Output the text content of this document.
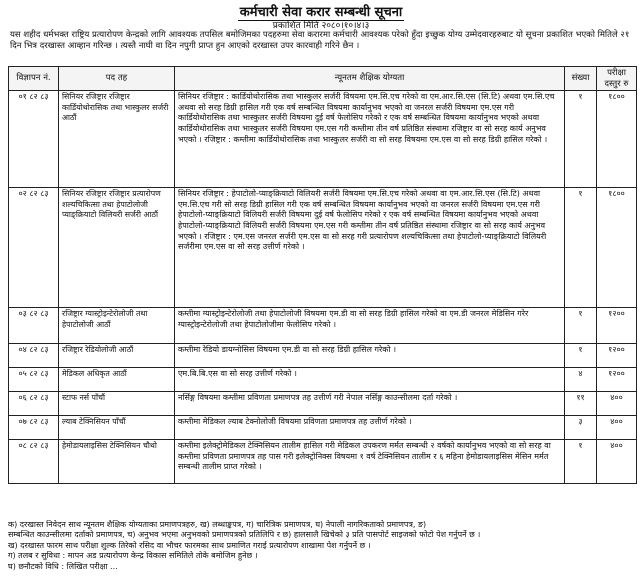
कर्मचारी सेवा करार सम्बन्धी सूचना
प्रकाशित मिति २०८०।१०।४।३
यस शहीद धर्मभक्त राष्ट्रिय प्रत्यारोपण केन्द्रको लागि आवश्यक तपसिल बमोजिमका पदहरुमा सेवा करारमा कर्मचारी आवश्यक परेको हुँदा इच्छुक योग्य उम्मेदवारहरुबाट यो सूचना प्रकाशित भएको मितिले २१ दिन भित्र दरखास्त आव्हान गरिन्छ । त्यस्तै नाघी वा दिन नपुगी प्राप्त हुन आएको दरखास्त उपर कारवाही गरिने छैन ।
विज्ञापन नं.	पद तह	न्यूनतम शैक्षिक योग्यता	संख्या	परीक्षा दस्तुर रु
०१ ८२ ८३	सिनियर रजिष्ट्रार रजिष्ट्रार कार्डियोथोरासिक तथा भास्कुलर सर्जरी आठौं	सिनियर रजिष्ट्रार : कार्डियोथोरासिक तथा भास्कुलर सर्जरी विषयमा एम.सि.एच गरेको वा एम.आर.सि.एस (सि.टि) अथवा एम.सि.एच अथवा सो सरह डिग्री हासिल गरी एक वर्ष सम्बन्धित विषयमा कार्यानुभव भएको वा जनरल सर्जरी विषयमा एम.एस गरी कार्डियोथोरासिक तथा भास्कुलर सर्जरी विषयमा दुई वर्ष फेलोसिप गरेको र एक वर्ष सम्बन्धित विषयमा कार्यानुभव भएको अथवा कार्डियोथोरासिक तथा भास्कुलर सर्जरी विषयमा एम.एस गरी कम्तीमा तीन वर्ष प्रतिष्ठित संस्थामा रजिष्ट्रार वा सो सरह कार्य अनुभव भएको । रजिष्ट्रार : कम्तीमा कार्डियोथोरासिक तथा भास्कुलर सर्जरी वा सो सरह विषयमा एम.एस वा सो सरह डिग्री हासिल गरेको ।	१	१८००
०२ ८२ ८३	सिनियर रजिष्ट्रार रजिष्ट्रार प्रत्यारोपण शल्यचिकित्सा तथा हेपाटोलोजी प्याङ्क्रियाटो विलियरी सर्जरी आठौं	सिनियर रजिष्ट्रार : हेपाटोलो-प्याङ्क्रियाटो विलियरी सर्जरी विषयमा एम.सि.एच गरेको अथवा वा एम.आर.सि.एस (सि.टि) अथवा एम.सि.एच गरी सो सरह डिग्री हासिल गरी एक वर्ष सम्बन्धित विषयमा कार्यानुभव भएको वा जनरल सर्जरी विषयमा एम.एस गरी हेपाटोलो-प्याङ्क्रियाटो विलियरी सर्जरी विषयमा दुई वर्ष फेलोसिप गरेको र एक वर्ष सम्बन्धित विषयमा कार्यानुभव भएको अथवा हेपाटोलो-प्याङ्क्रियाटो विलियरी सर्जरी विषयमा एम.एस गरी कम्तीमा तीन वर्ष प्रतिष्ठित संस्थामा रजिष्ट्रार वा सो सरह कार्य अनुभव भएको । रजिष्ट्रार : एम.एस जनरल सर्जरी एम.एस वा सो सरह गरी प्रत्यारोपण शल्यचिकित्सा तथा हेपाटोलो-प्याङ्क्रियाटो विलियरी सर्जरीमा एम.एस वा सो सरह उत्तीर्ण गरेको ।	१	१८००
०३ ८२ ८३	रजिष्ट्रार ग्यास्ट्रोइन्टेरोलोजी तथा हेपाटोलोजी आठौं	कम्तीमा ग्यास्ट्रोइन्टेरोलोजी तथा हेपाटोलोजी विषयमा एम.डी वा सो सरह डिग्री हासिल गरेको वा एम.डी जनरल मेडिसिन गरेर ग्यास्ट्रोइन्टेरोलोजी तथा हेपाटोलोजीमा फेलोसिप गरेको ।	१	१२००
०४ ८२ ८३	रजिष्ट्रार रेडियोलोजी आठौं	कम्तीमा रेडियो डायग्नोसिस विषयमा एम.डी वा सो सरह डिग्री हासिल गरेको ।	१	१२००
०५ ८२ ८३	मेडिकल अधिकृत आठौं	एम.बि.बि.एस वा सो सरह उत्तीर्ण गरेको ।	४	१२००
०६ ८२ ८३	स्टाफ नर्स पाँचौं	नर्सिङ्ग विषयमा कम्तीमा प्रविणता प्रमाणपत्र तह उत्तीर्ण गरी नेपाल नर्सिङ्ग काउन्सीलमा दर्ता गरेको ।	११	४००
०७ ८२ ८३	ल्याब टेक्निसियन पाँचौं	कम्तीमा मेडिकल ल्याब टेक्नोलोजी विषयमा प्रविणता प्रमाणपत्र तह उत्तीर्ण गरेको ।	३	४००
०८ ८२ ८३	हेमोडायलाइसिस टेक्निसियन चौथो	कम्तीमा इलेक्ट्रोमेडिकल टेक्निसियन तालीम हासिल गरी मेडिकल उपकरण मर्मत सम्बन्धी २ वर्षको कार्यानुभव भएको वा सो सरह वा कम्तीमा प्रविणता प्रमाणपत्र तह पास गरी इलेक्ट्रोनिक्स विषयमा १ वर्ष टेक्निसियन तालीम र ६ महिना हेमोडायलाइसिस मेसिन मर्मत सम्बन्धी तालीम प्राप्त गरेको ।	१	४००
क) दरखास्त निवेदन साथ न्यूनतम शैक्षिक योग्यताका प्रमाणपत्रहरु, ख) लब्धाङ्कपत्र, ग) चारित्रिक प्रमाणपत्र, घ) नेपाली नागरिकताको प्रमाणपत्र, ङ)
सम्बन्धित काउन्सीलमा दर्ताको प्रमाणपत्र, च) अनुभव भएमा अनुभवको प्रमाणपत्रको प्रतिलिपि र छ) हालसालै खिचेको ३ प्रति पासपोर्ट साइजको फोटो पेश गर्नुपर्ने छ ।
ख) दरखास्त फारम साथ परीक्षा शुल्क तिरेको रसिद वा भौचर फारमका साथ प्रमाणित गराई प्रत्यारोपण शाखामा पेश गर्नुपर्ने छ ।
ग) तलब र सुविधा : मापन अड प्रत्यारोपण केन्द्र विकास समितिले तोके बमोजिम हुनेछ ।
घ) छनौटको विधि : लिखित परीक्षा ...
